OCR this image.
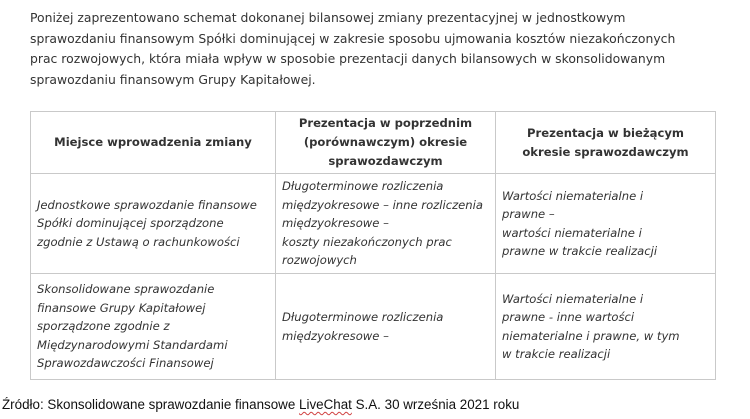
Poniżej zaprezentowano schemat dokonanej bilansowej zmiany prezentacyjnej w jednostkowym
sprawozdaniu finansowym Spółki dominującej w zakresie sposobu ujmowania kosztów niezakończonych
prac rozwojowych, która miała wpływ w sposobie prezentacji danych bilansowych w skonsolidowanym
sprawozdaniu finansowym Grupy Kapitałowej.

Miejsce wprowadzenia zmiany	Prezentacja w poprzednim (porównawczym) okresie sprawozdawczym	Prezentacja w bieżącym okresie sprawozdawczym

Jednostkowe sprawozdanie finansowe
Spółki dominującej sporządzone
zgodnie z Ustawą o rachunkowości	Długoterminowe rozliczenia
międzyokresowe – inne rozliczenia
międzyokresowe –
koszty niezakończonych prac
rozwojowych	Wartości niematerialne i
prawne –
wartości niematerialne i
prawne w trakcie realizacji

Skonsolidowane sprawozdanie
finansowe Grupy Kapitałowej
sporządzone zgodnie z
Międzynarodowymi Standardami
Sprawozdawczości Finansowej	Długoterminowe rozliczenia
międzyokresowe –	Wartości niematerialne i
prawne - inne wartości
niematerialne i prawne, w tym
w trakcie realizacji
Źródło: Skonsolidowane sprawozdanie finansowe LiveChat S.A. 30 września 2021 roku
